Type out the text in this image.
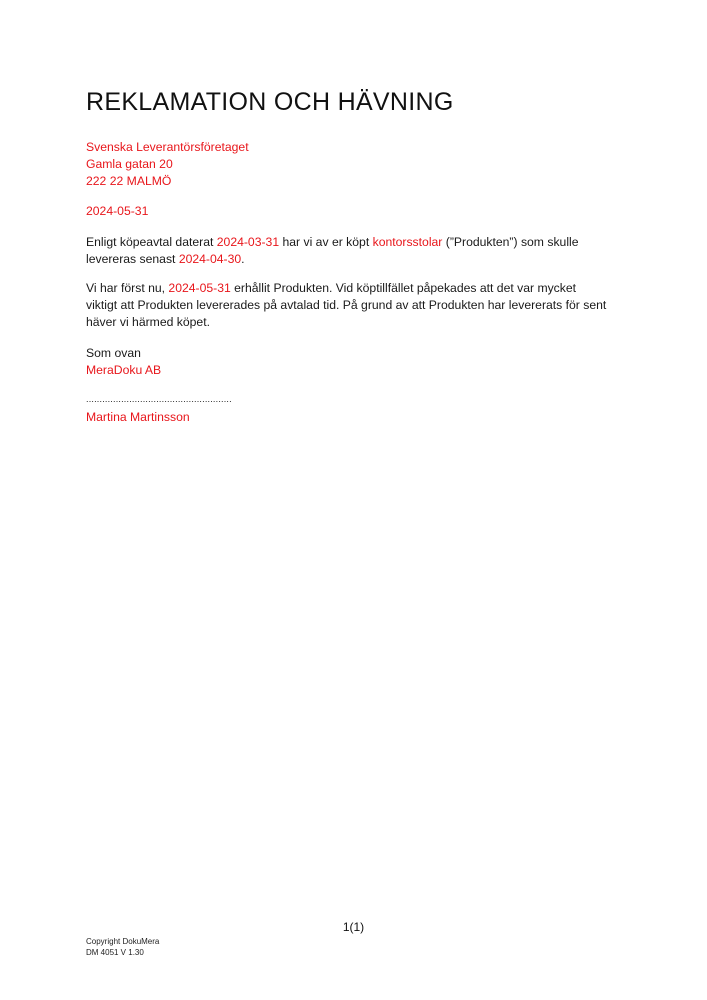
REKLAMATION OCH HÄVNING
Svenska Leverantörsföretaget
Gamla gatan 20
222 22 MALMÖ
2024-05-31
Enligt köpeavtal daterat 2024-03-31 har vi av er köpt kontorsstolar (”Produkten”) som skulle
levereras senast 2024-04-30.
Vi har först nu, 2024-05-31 erhållit Produkten. Vid köptillfället påpekades att det var mycket
viktigt att Produkten levererades på avtalad tid. På grund av att Produkten har levererats för sent
häver vi härmed köpet.
Som ovan
MeraDoku AB
......................................................
Martina Martinsson
1(1)
Copyright DokuMera
DM 4051 V 1.30
